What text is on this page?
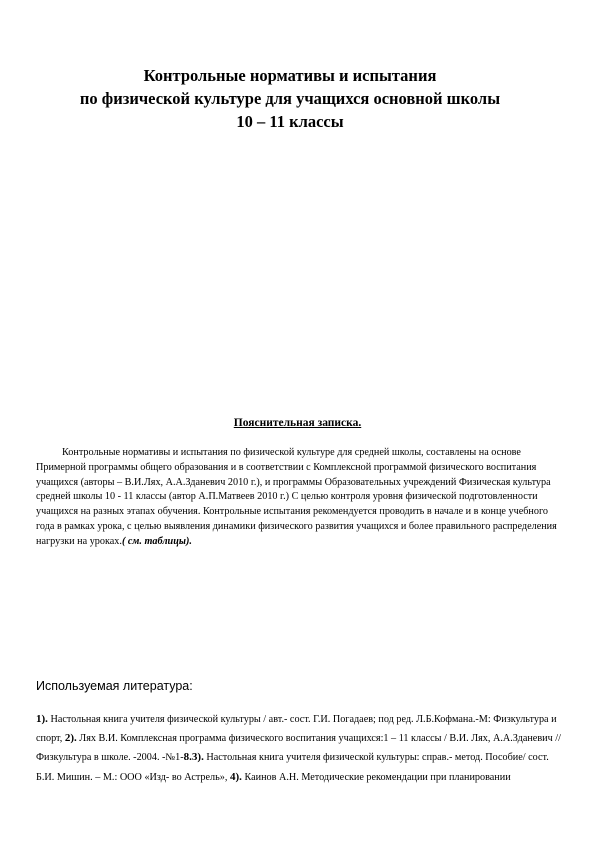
Контрольные нормативы и испытания
по физической культуре для учащихся основной школы
10 – 11 классы
Пояснительная записка.
Контрольные нормативы и испытания по физической культуре для средней школы, составлены на основе Примерной программы общего образования и в соответствии с Комплексной программой физического воспитания учащихся (авторы – В.И.Лях, А.А.Зданевич 2010 г.), и программы Образовательных учреждений Физическая культура средней школы 10 - 11 классы (автор А.П.Матвеев 2010 г.) С целью контроля уровня физической подготовленности учащихся на разных этапах обучения. Контрольные испытания рекомендуется проводить в начале и в конце учебного года в рамках урока, с целью выявления динамики физического развития учащихся и более правильного распределения нагрузки на уроках.( см. таблицы).
Используемая литература:
1). Настольная книга учителя физической культуры / авт.- сост. Г.И. Погадаев; под ред. Л.Б.Кофмана.-М: Физкультура и спорт, 2). Лях В.И. Комплексная программа физического воспитания учащихся:1 – 11 классы / В.И. Лях, А.А.Зданевич // Физкультура в школе. -2004. -№1-8.3). Настольная книга учителя физической культуры: справ.- метод. Пособие/ сост. Б.И. Мишин. – М.: ООО «Изд- во Астрель», 4). Каинов А.Н. Методические рекомендации при планировании
